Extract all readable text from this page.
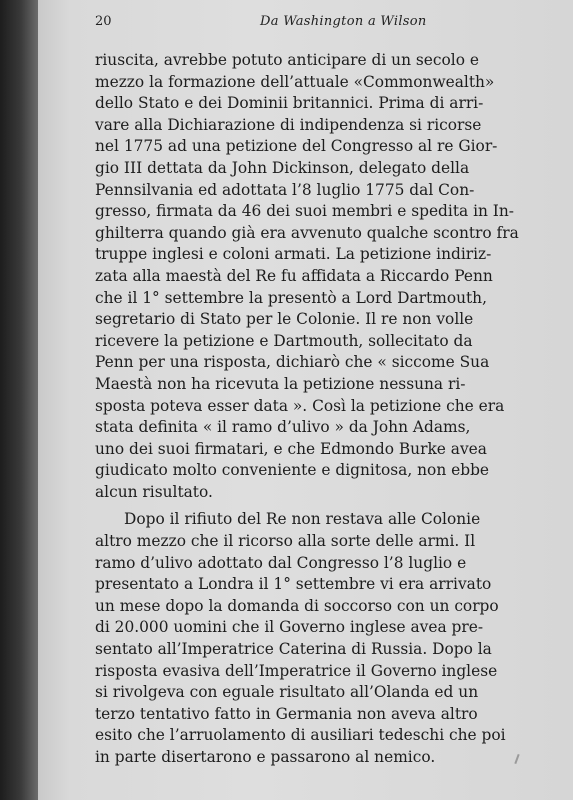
20	Da Washington a Wilson
riuscita, avrebbe potuto anticipare di un secolo e
mezzo la formazione dell’attuale «Commonwealth»
dello Stato e dei Dominii britannici. Prima di arri-
vare alla Dichiarazione di indipendenza si ricorse
nel 1775 ad una petizione del Congresso al re Gior-
gio III dettata da John Dickinson, delegato della
Pennsilvania ed adottata l’8 luglio 1775 dal Con-
gresso, firmata da 46 dei suoi membri e spedita in In-
ghilterra quando già era avvenuto qualche scontro fra
truppe inglesi e coloni armati. La petizione indiriz-
zata alla maestà del Re fu affidata a Riccardo Penn
che il 1° settembre la presentò a Lord Dartmouth,
segretario di Stato per le Colonie. Il re non volle
ricevere la petizione e Dartmouth, sollecitato da
Penn per una risposta, dichiarò che « siccome Sua
Maestà non ha ricevuta la petizione nessuna ri-
sposta poteva esser data ». Così la petizione che era
stata definita « il ramo d’ulivo » da John Adams,
uno dei suoi firmatari, e che Edmondo Burke avea
giudicato molto conveniente e dignitosa, non ebbe
alcun risultato.
Dopo il rifiuto del Re non restava alle Colonie
altro mezzo che il ricorso alla sorte delle armi. Il
ramo d’ulivo adottato dal Congresso l’8 luglio e
presentato a Londra il 1° settembre vi era arrivato
un mese dopo la domanda di soccorso con un corpo
di 20.000 uomini che il Governo inglese avea pre-
sentato all’Imperatrice Caterina di Russia. Dopo la
risposta evasiva dell’Imperatrice il Governo inglese
si rivolgeva con eguale risultato all’Olanda ed un
terzo tentativo fatto in Germania non aveva altro
esito che l’arruolamento di ausiliari tedeschi che poi
in parte disertarono e passarono al nemico.
